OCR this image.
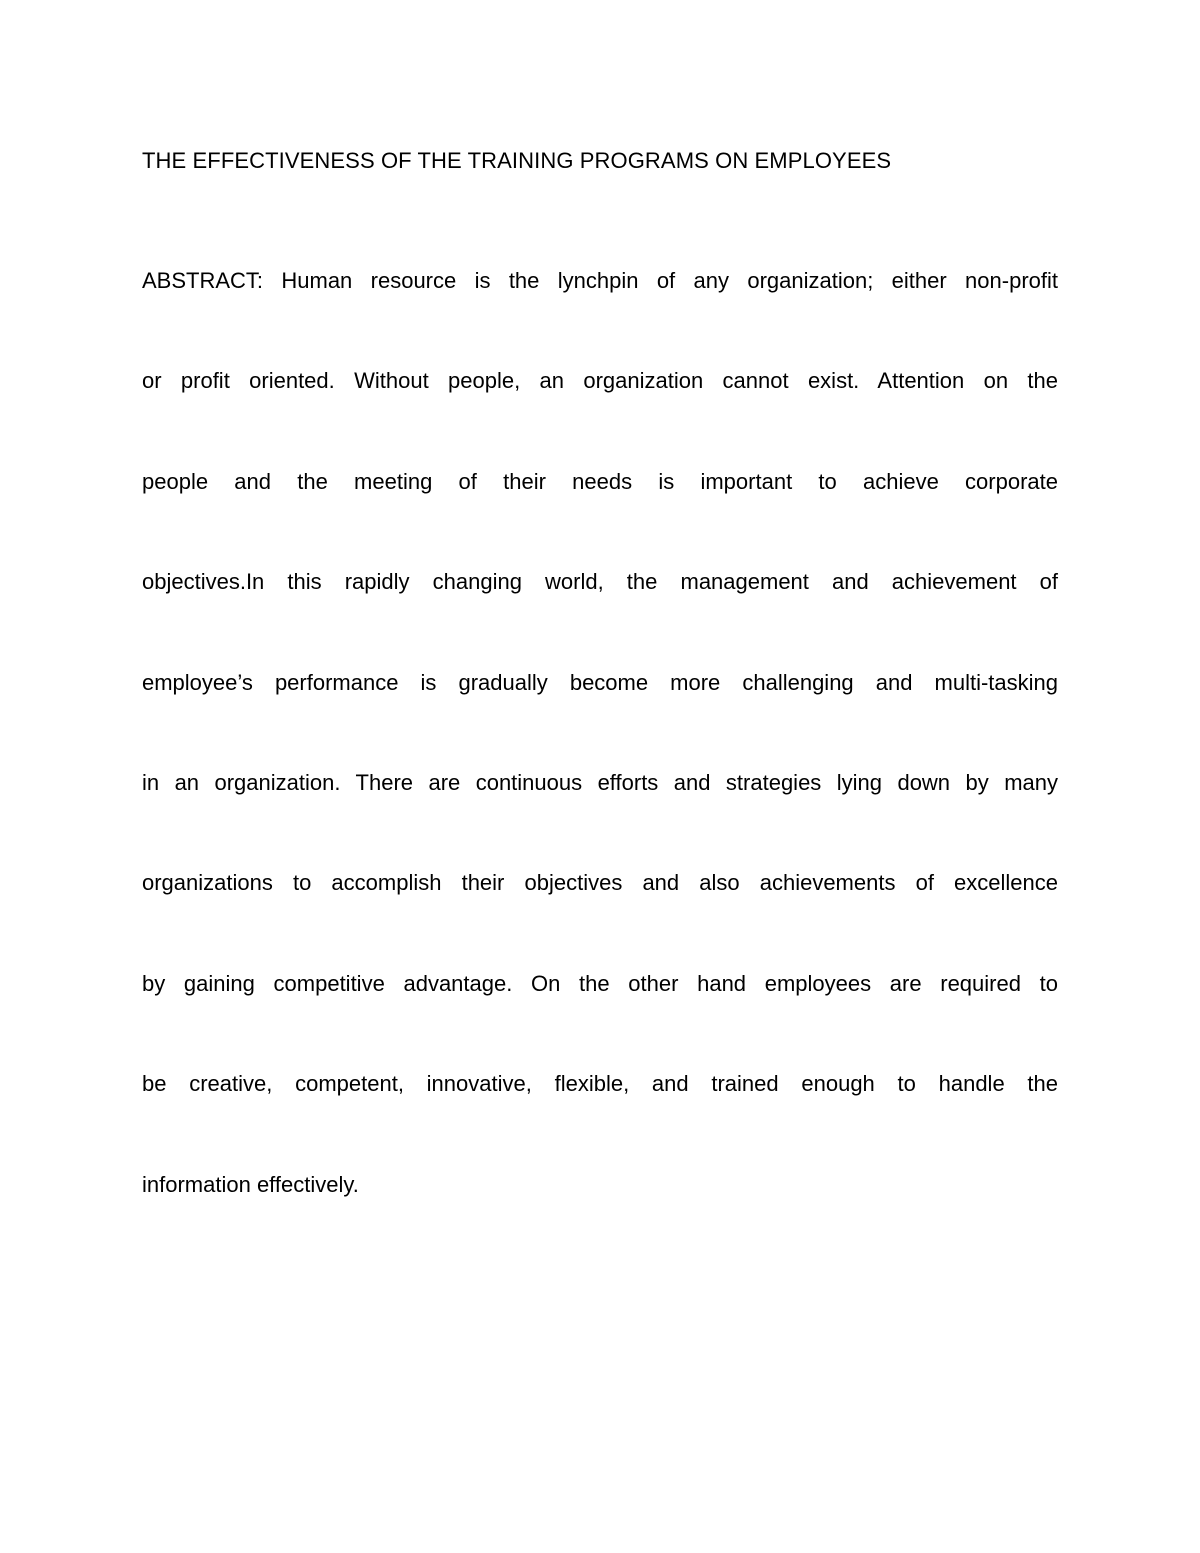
THE EFFECTIVENESS OF THE TRAINING PROGRAMS ON EMPLOYEES
ABSTRACT: Human resource is the lynchpin of any organization; either non-profit
or profit oriented. Without people, an organization cannot exist. Attention on the
people and the meeting of their needs is important to achieve corporate
objectives.In this rapidly changing world, the management and achievement of
employee’s performance is gradually become more challenging and multi-tasking
in an organization. There are continuous efforts and strategies lying down by many
organizations to accomplish their objectives and also achievements of excellence
by gaining competitive advantage. On the other hand employees are required to
be creative, competent, innovative, flexible, and trained enough to handle the
information effectively.
